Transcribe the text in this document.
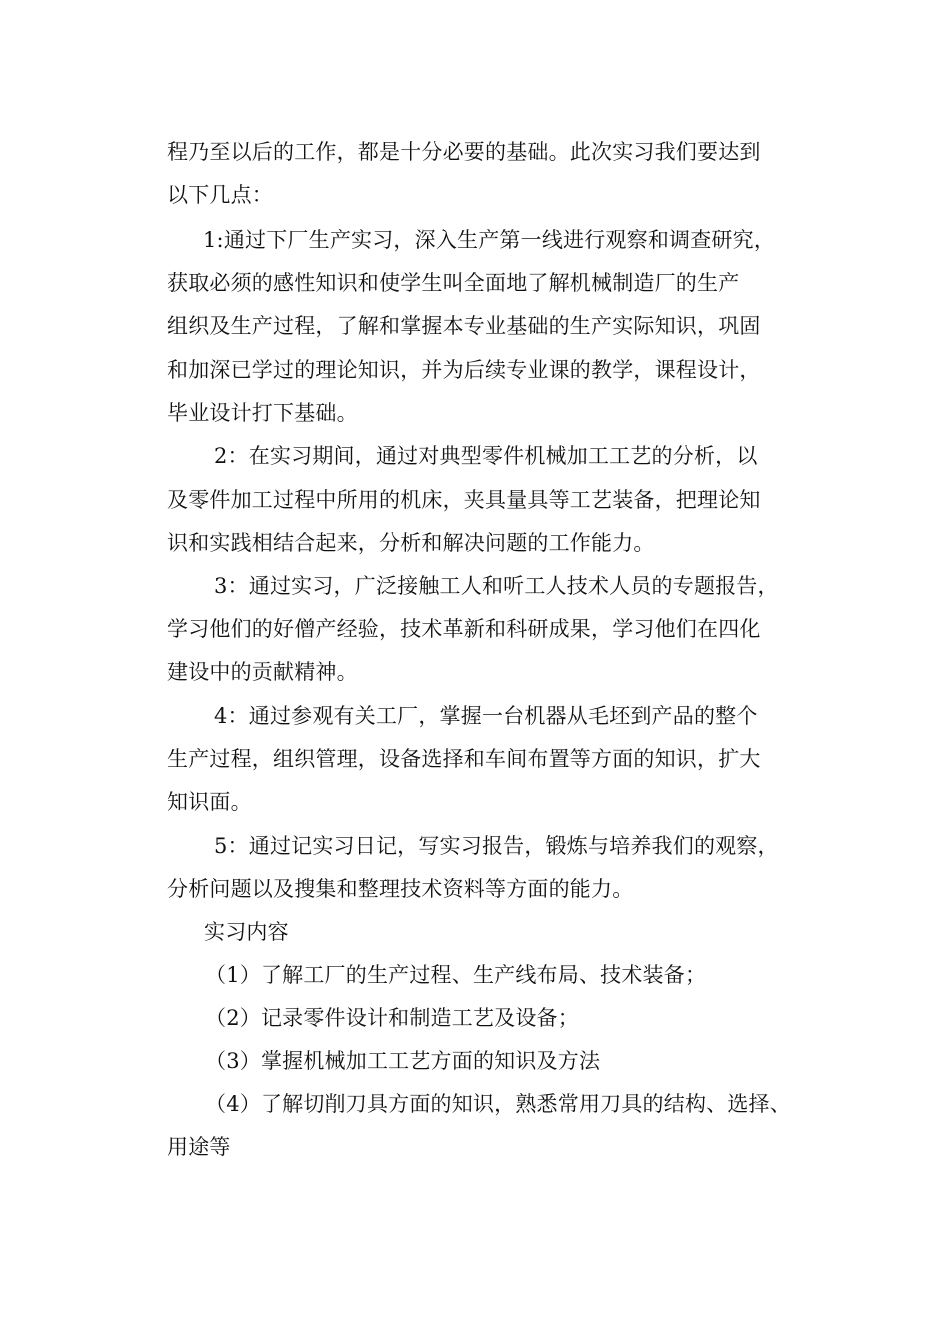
程乃至以后的工作，都是十分必要的基础。此次实习我们要达到
以下几点：
1:通过下厂生产实习，深入生产第一线进行观察和调查研究，
获取必须的感性知识和使学生叫全面地了解机械制造厂的生产
组织及生产过程，了解和掌握本专业基础的生产实际知识，巩固
和加深已学过的理论知识，并为后续专业课的教学，课程设计，
毕业设计打下基础。
2：在实习期间，通过对典型零件机械加工工艺的分析，以
及零件加工过程中所用的机床，夹具量具等工艺装备，把理论知
识和实践相结合起来，分析和解决问题的工作能力。
3：通过实习，广泛接触工人和听工人技术人员的专题报告，
学习他们的好僧产经验，技术革新和科研成果，学习他们在四化
建设中的贡献精神。
4：通过参观有关工厂，掌握一台机器从毛坯到产品的整个
生产过程，组织管理，设备选择和车间布置等方面的知识，扩大
知识面。
5：通过记实习日记，写实习报告，锻炼与培养我们的观察，
分析问题以及搜集和整理技术资料等方面的能力。
实习内容
（1）了解工厂的生产过程、生产线布局、技术装备；
（2）记录零件设计和制造工艺及设备；
（3）掌握机械加工工艺方面的知识及方法
（4）了解切削刀具方面的知识，熟悉常用刀具的结构、选择、
用途等
